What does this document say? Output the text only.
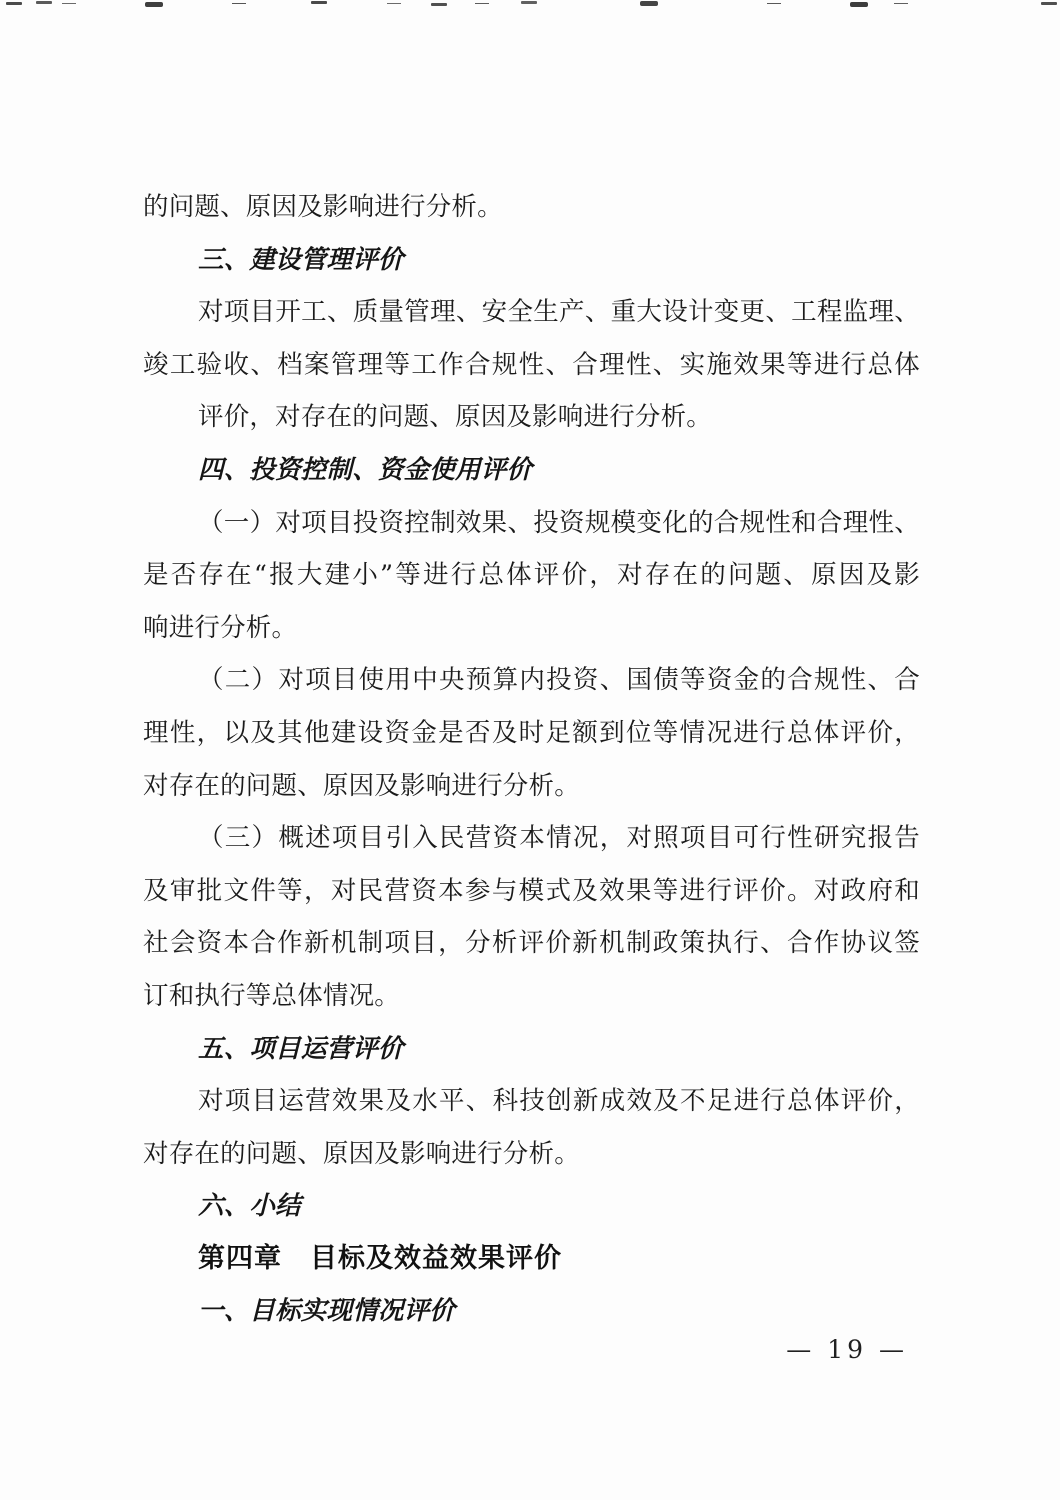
的问题、原因及影响进行分析。
三、建设管理评价
对项目开工、质量管理、安全生产、重大设计变更、工程监理、
竣工验收、档案管理等工作合规性、合理性、实施效果等进行总体
评价，对存在的问题、原因及影响进行分析。
四、投资控制、资金使用评价
（一）对项目投资控制效果、投资规模变化的合规性和合理性、
是否存在“报大建小”等进行总体评价，对存在的问题、原因及影
响进行分析。
（二）对项目使用中央预算内投资、国债等资金的合规性、合
理性，以及其他建设资金是否及时足额到位等情况进行总体评价，
对存在的问题、原因及影响进行分析。
（三）概述项目引入民营资本情况，对照项目可行性研究报告
及审批文件等，对民营资本参与模式及效果等进行评价。对政府和
社会资本合作新机制项目，分析评价新机制政策执行、合作协议签
订和执行等总体情况。
五、项目运营评价
对项目运营效果及水平、科技创新成效及不足进行总体评价，
对存在的问题、原因及影响进行分析。
六、小结
第四章　目标及效益效果评价
一、目标实现情况评价
— 19 —
